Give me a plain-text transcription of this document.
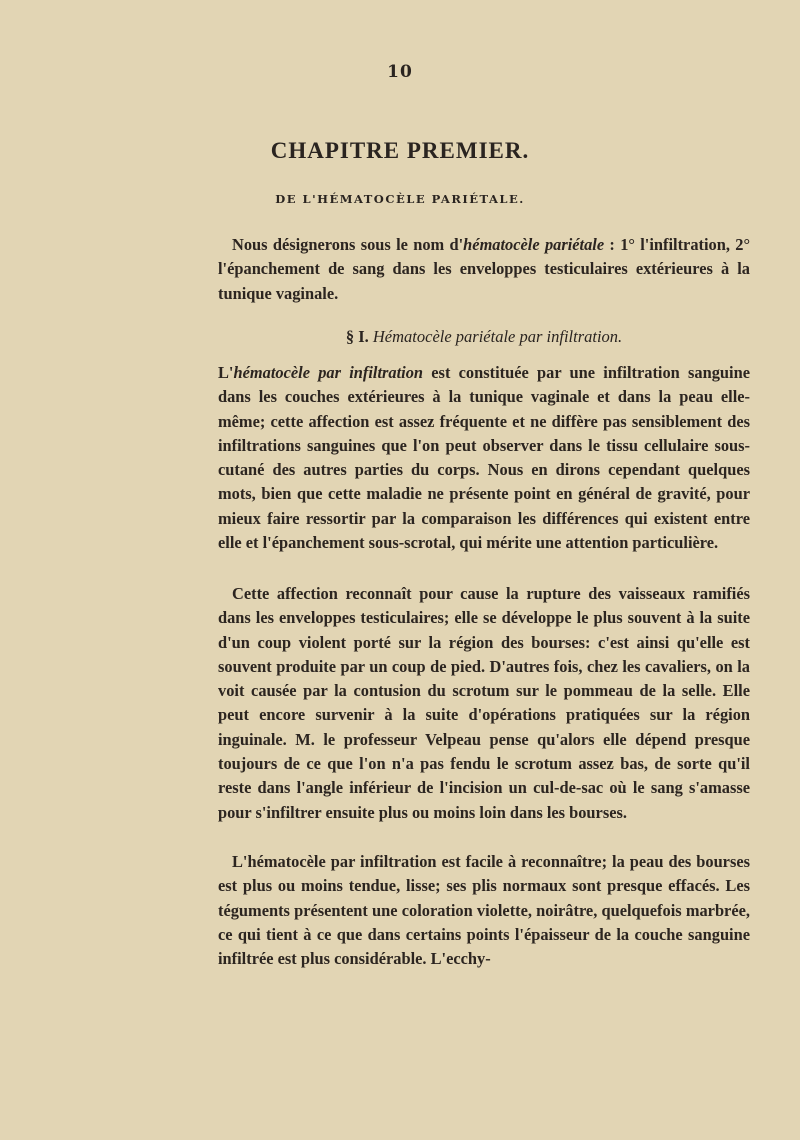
10
CHAPITRE PREMIER.
DE L'HÉMATOCÈLE PARIÉTALE.

Nous désignerons sous le nom d'hématocèle pariétale : 1° l'infiltration, 2° l'épanchement de sang dans les enveloppes testiculaires extérieures à la tunique vaginale.

§ I. Hématocèle pariétale par infiltration.

L'hématocèle par infiltration est constituée par une infiltration sanguine dans les couches extérieures à la tunique vaginale et dans la peau elle-même; cette affection est assez fréquente et ne diffère pas sensiblement des infiltrations sanguines que l'on peut observer dans le tissu cellulaire sous-cutané des autres parties du corps. Nous en dirons cependant quelques mots, bien que cette maladie ne présente point en général de gravité, pour mieux faire ressortir par la comparaison les différences qui existent entre elle et l'épanchement sous-scrotal, qui mérite une attention particulière.

Cette affection reconnaît pour cause la rupture des vaisseaux ramifiés dans les enveloppes testiculaires; elle se développe le plus souvent à la suite d'un coup violent porté sur la région des bourses: c'est ainsi qu'elle est souvent produite par un coup de pied. D'autres fois, chez les cavaliers, on la voit causée par la contusion du scrotum sur le pommeau de la selle. Elle peut encore survenir à la suite d'opérations pratiquées sur la région inguinale. M. le professeur Velpeau pense qu'alors elle dépend presque toujours de ce que l'on n'a pas fendu le scrotum assez bas, de sorte qu'il reste dans l'angle inférieur de l'incision un cul-de-sac où le sang s'amasse pour s'infiltrer ensuite plus ou moins loin dans les bourses.

L'hématocèle par infiltration est facile à reconnaître; la peau des bourses est plus ou moins tendue, lisse; ses plis normaux sont presque effacés. Les téguments présentent une coloration violette, noirâtre, quelquefois marbrée, ce qui tient à ce que dans certains points l'épaisseur de la couche sanguine infiltrée est plus considérable. L'ecchy-
